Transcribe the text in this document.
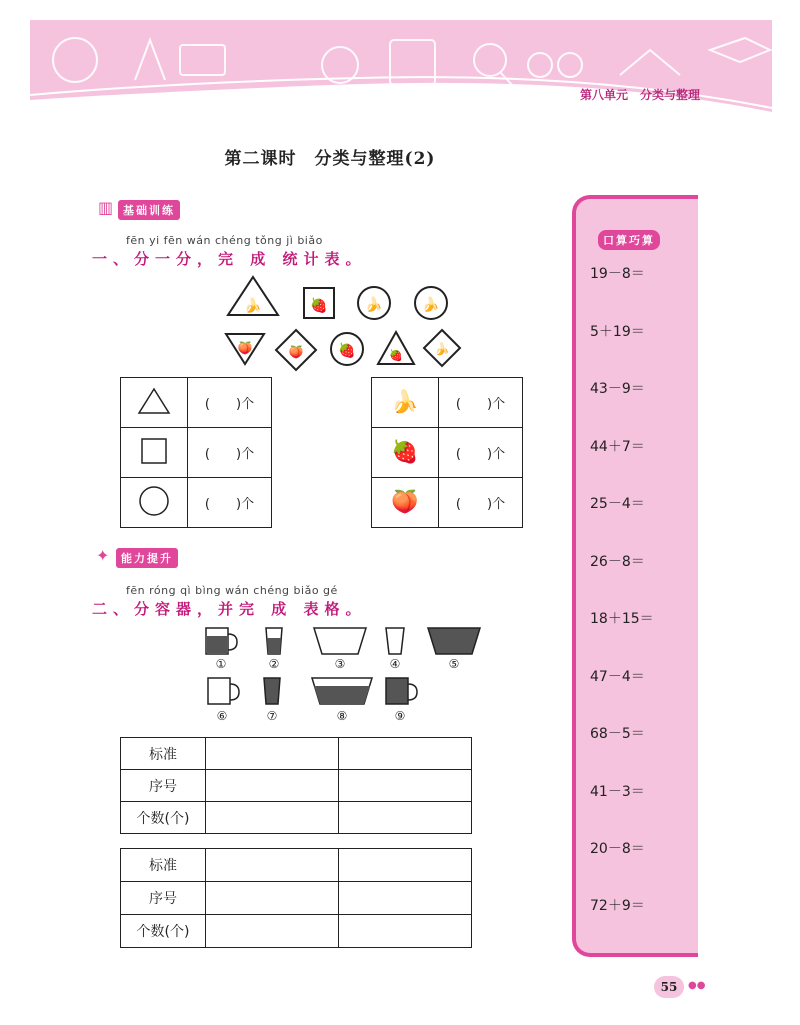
第八单元　分类与整理
第二课时　分类与整理(2)
▥ 基础训练
fēn yi fēn wán chéng tǒng jì biǎo
一、分一分，完 成 统计表。
🍌	🍓	🍌	🍌
🍑	🍑 🍓	🍓	🍌
	(　　)个
	(　　)个
	(　　)个
🍌	(　　)个
🍓	(　　)个
🍑	(　　)个
✦	能力提升
fēn róng qì bìng wán chéng biǎo gé
二、分容器，并完 成 表格。
①	②	③	④	⑤
⑥	⑦	⑧	⑨
标准		
序号		
个数(个)		
标准		
序号		
个数(个)		
口算巧算
19－8＝
5＋19＝
43－9＝
44＋7＝
25－4＝
26－8＝
18＋15＝
47－4＝
68－5＝
41－3＝
20－8＝
72＋9＝
55	●●
